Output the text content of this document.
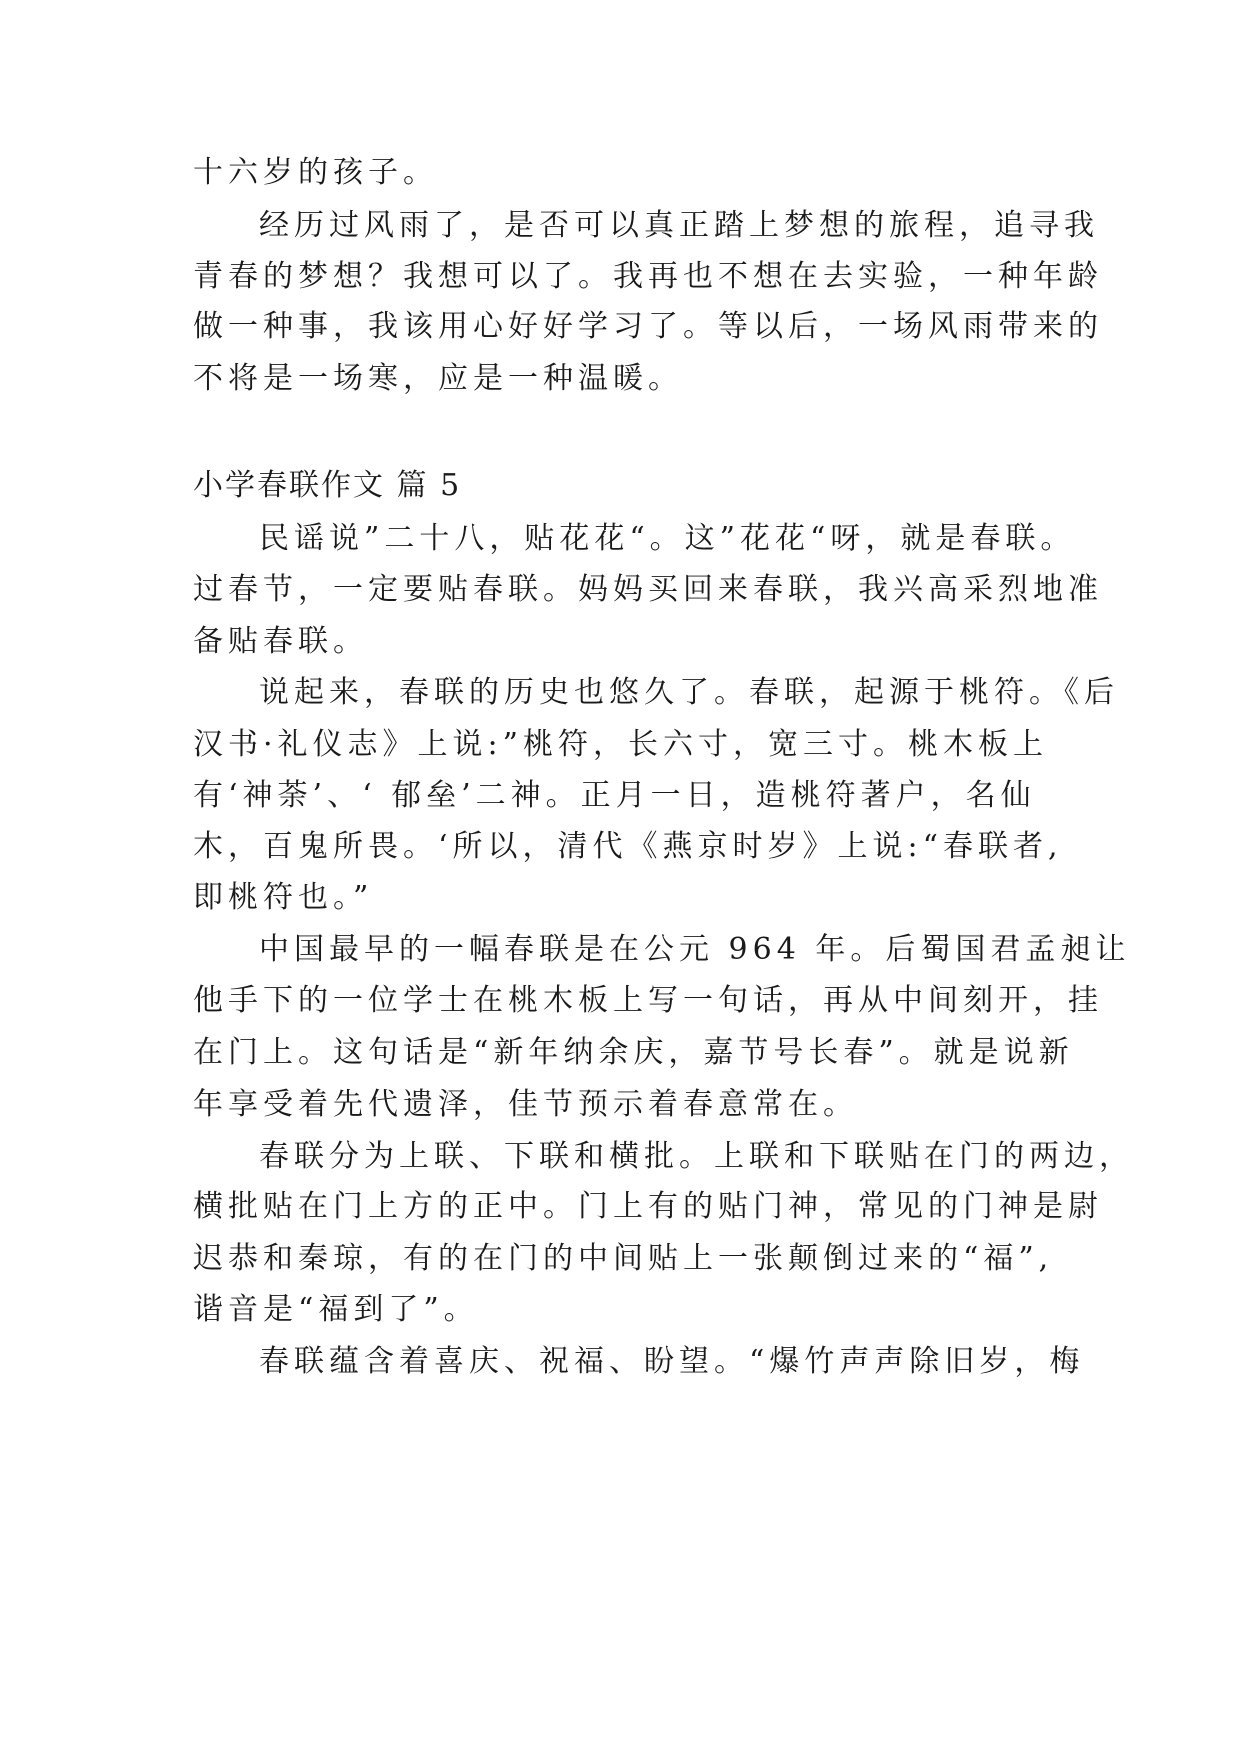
十六岁的孩子。
经历过风雨了，是否可以真正踏上梦想的旅程，追寻我
青春的梦想？我想可以了。我再也不想在去实验，一种年龄
做一种事，我该用心好好学习了。等以后，一场风雨带来的
不将是一场寒，应是一种温暖。
小学春联作文 篇 5
民谣说”二十八，贴花花“。这”花花“呀，就是春联。
过春节，一定要贴春联。妈妈买回来春联，我兴高采烈地准
备贴春联。
说起来，春联的历史也悠久了。春联，起源于桃符。《后
汉书·礼仪志》上说:”桃符，长六寸，宽三寸。桃木板上
有‘神荼’、‘ 郁垒’二神。正月一日，造桃符著户，名仙
木，百鬼所畏。‘所以，清代《燕京时岁》上说:“春联者,
即桃符也。”
中国最早的一幅春联是在公元 964 年。后蜀国君孟昶让
他手下的一位学士在桃木板上写一句话，再从中间刻开，挂
在门上。这句话是“新年纳余庆，嘉节号长春”。就是说新
年享受着先代遗泽，佳节预示着春意常在。
春联分为上联、下联和横批。上联和下联贴在门的两边，
横批贴在门上方的正中。门上有的贴门神，常见的门神是尉
迟恭和秦琼，有的在门的中间贴上一张颠倒过来的“福”,
谐音是“福到了”。
春联蕴含着喜庆、祝福、盼望。“爆竹声声除旧岁，梅
